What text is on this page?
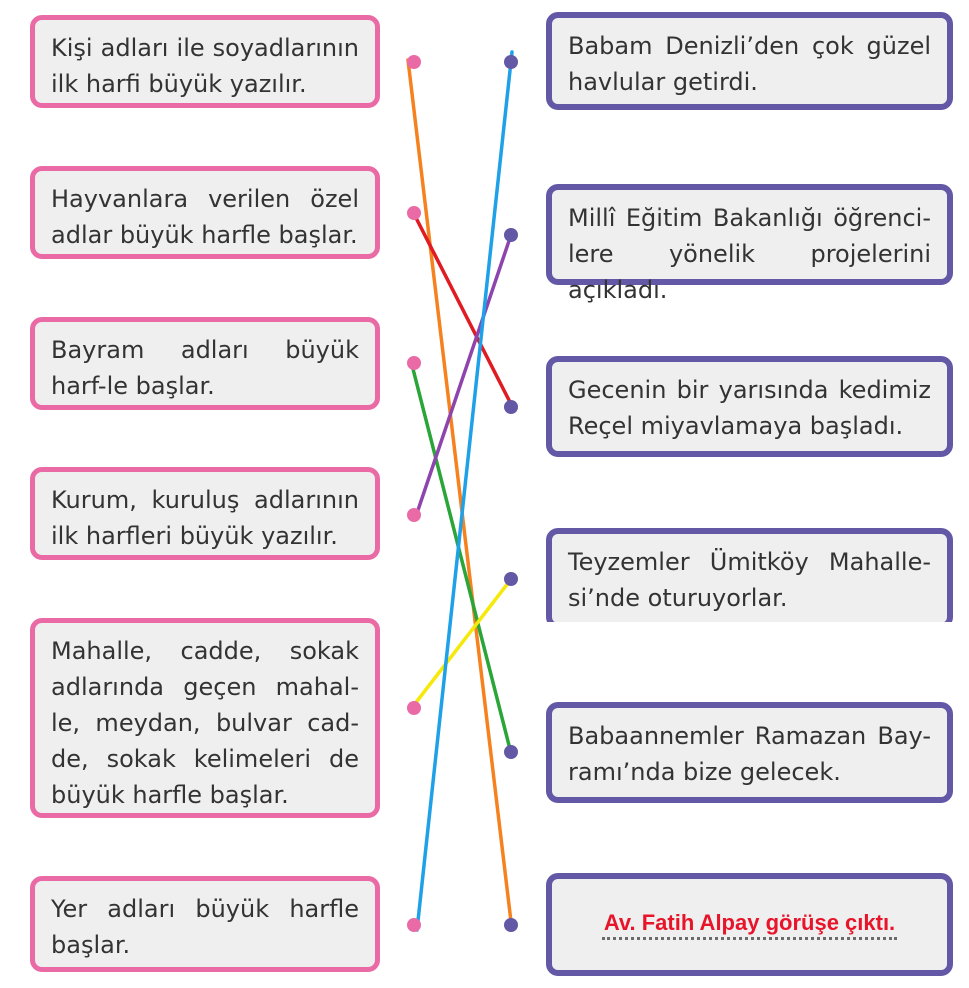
Kişi adları ile soyadlarının ilk harfi büyük yazılır.
Hayvanlara verilen özel adlar büyük harfle başlar.
Bayram adları büyük harf-le başlar.
Kurum, kuruluş adlarının ilk harfleri büyük yazılır.
Mahalle, cadde, sokak adlarında geçen mahal-le, meydan, bulvar cad-de, sokak kelimeleri de büyük harfle başlar.
Yer adları büyük harfle başlar.
Babam Denizli’den çok güzel havlular getirdi.
Millî Eğitim Bakanlığı öğrenci-lere yönelik projelerini açıkladı.
Gecenin bir yarısında kedimiz Reçel miyavlamaya başladı.
Teyzemler Ümitköy Mahalle-si’nde oturuyorlar.
Babaannemler Ramazan Bay-ramı’nda bize gelecek.
Av. Fatih Alpay görüşe çıktı.
